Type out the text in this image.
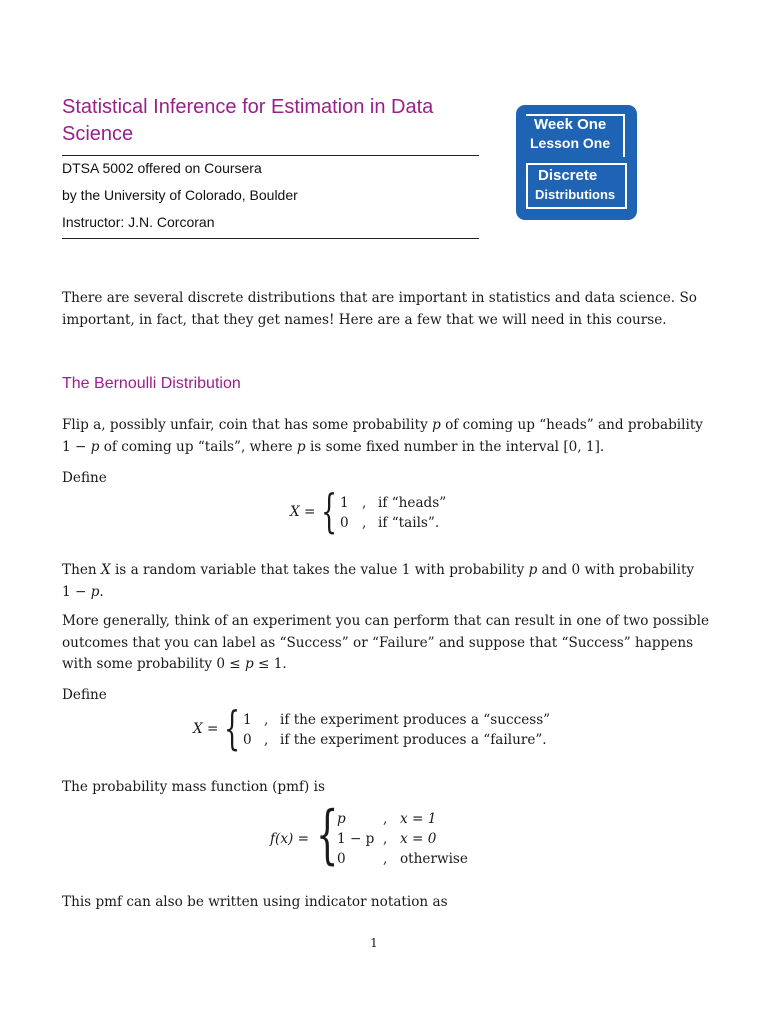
Statistical Inference for Estimation in Data Science
DTSA 5002 offered on Coursera
by the University of Colorado, Boulder
Instructor: J.N. Corcoran
Week One
Lesson One
Discrete
Distributions
There are several discrete distributions that are important in statistics and data science. So
important, in fact, that they get names! Here are a few that we will need in this course.
The Bernoulli Distribution
Flip a, possibly unfair, coin that has some probability p of coming up “heads” and probability
1 − p of coming up “tails”, where p is some fixed number in the interval [0, 1].
Define
X = { 1 , if “heads”
0 , if “tails”.
Then X is a random variable that takes the value 1 with probability p and 0 with probability
1 − p.
More generally, think of an experiment you can perform that can result in one of two possible
outcomes that you can label as “Success” or “Failure” and suppose that “Success” happens
with some probability 0 ≤ p ≤ 1.
Define
X = { 1 , if the experiment produces a “success”
0 , if the experiment produces a “failure”.
The probability mass function (pmf) is
f(x) = {
p	, x = 1
1 − p , x = 0
0	, otherwise
This pmf can also be written using indicator notation as
1
